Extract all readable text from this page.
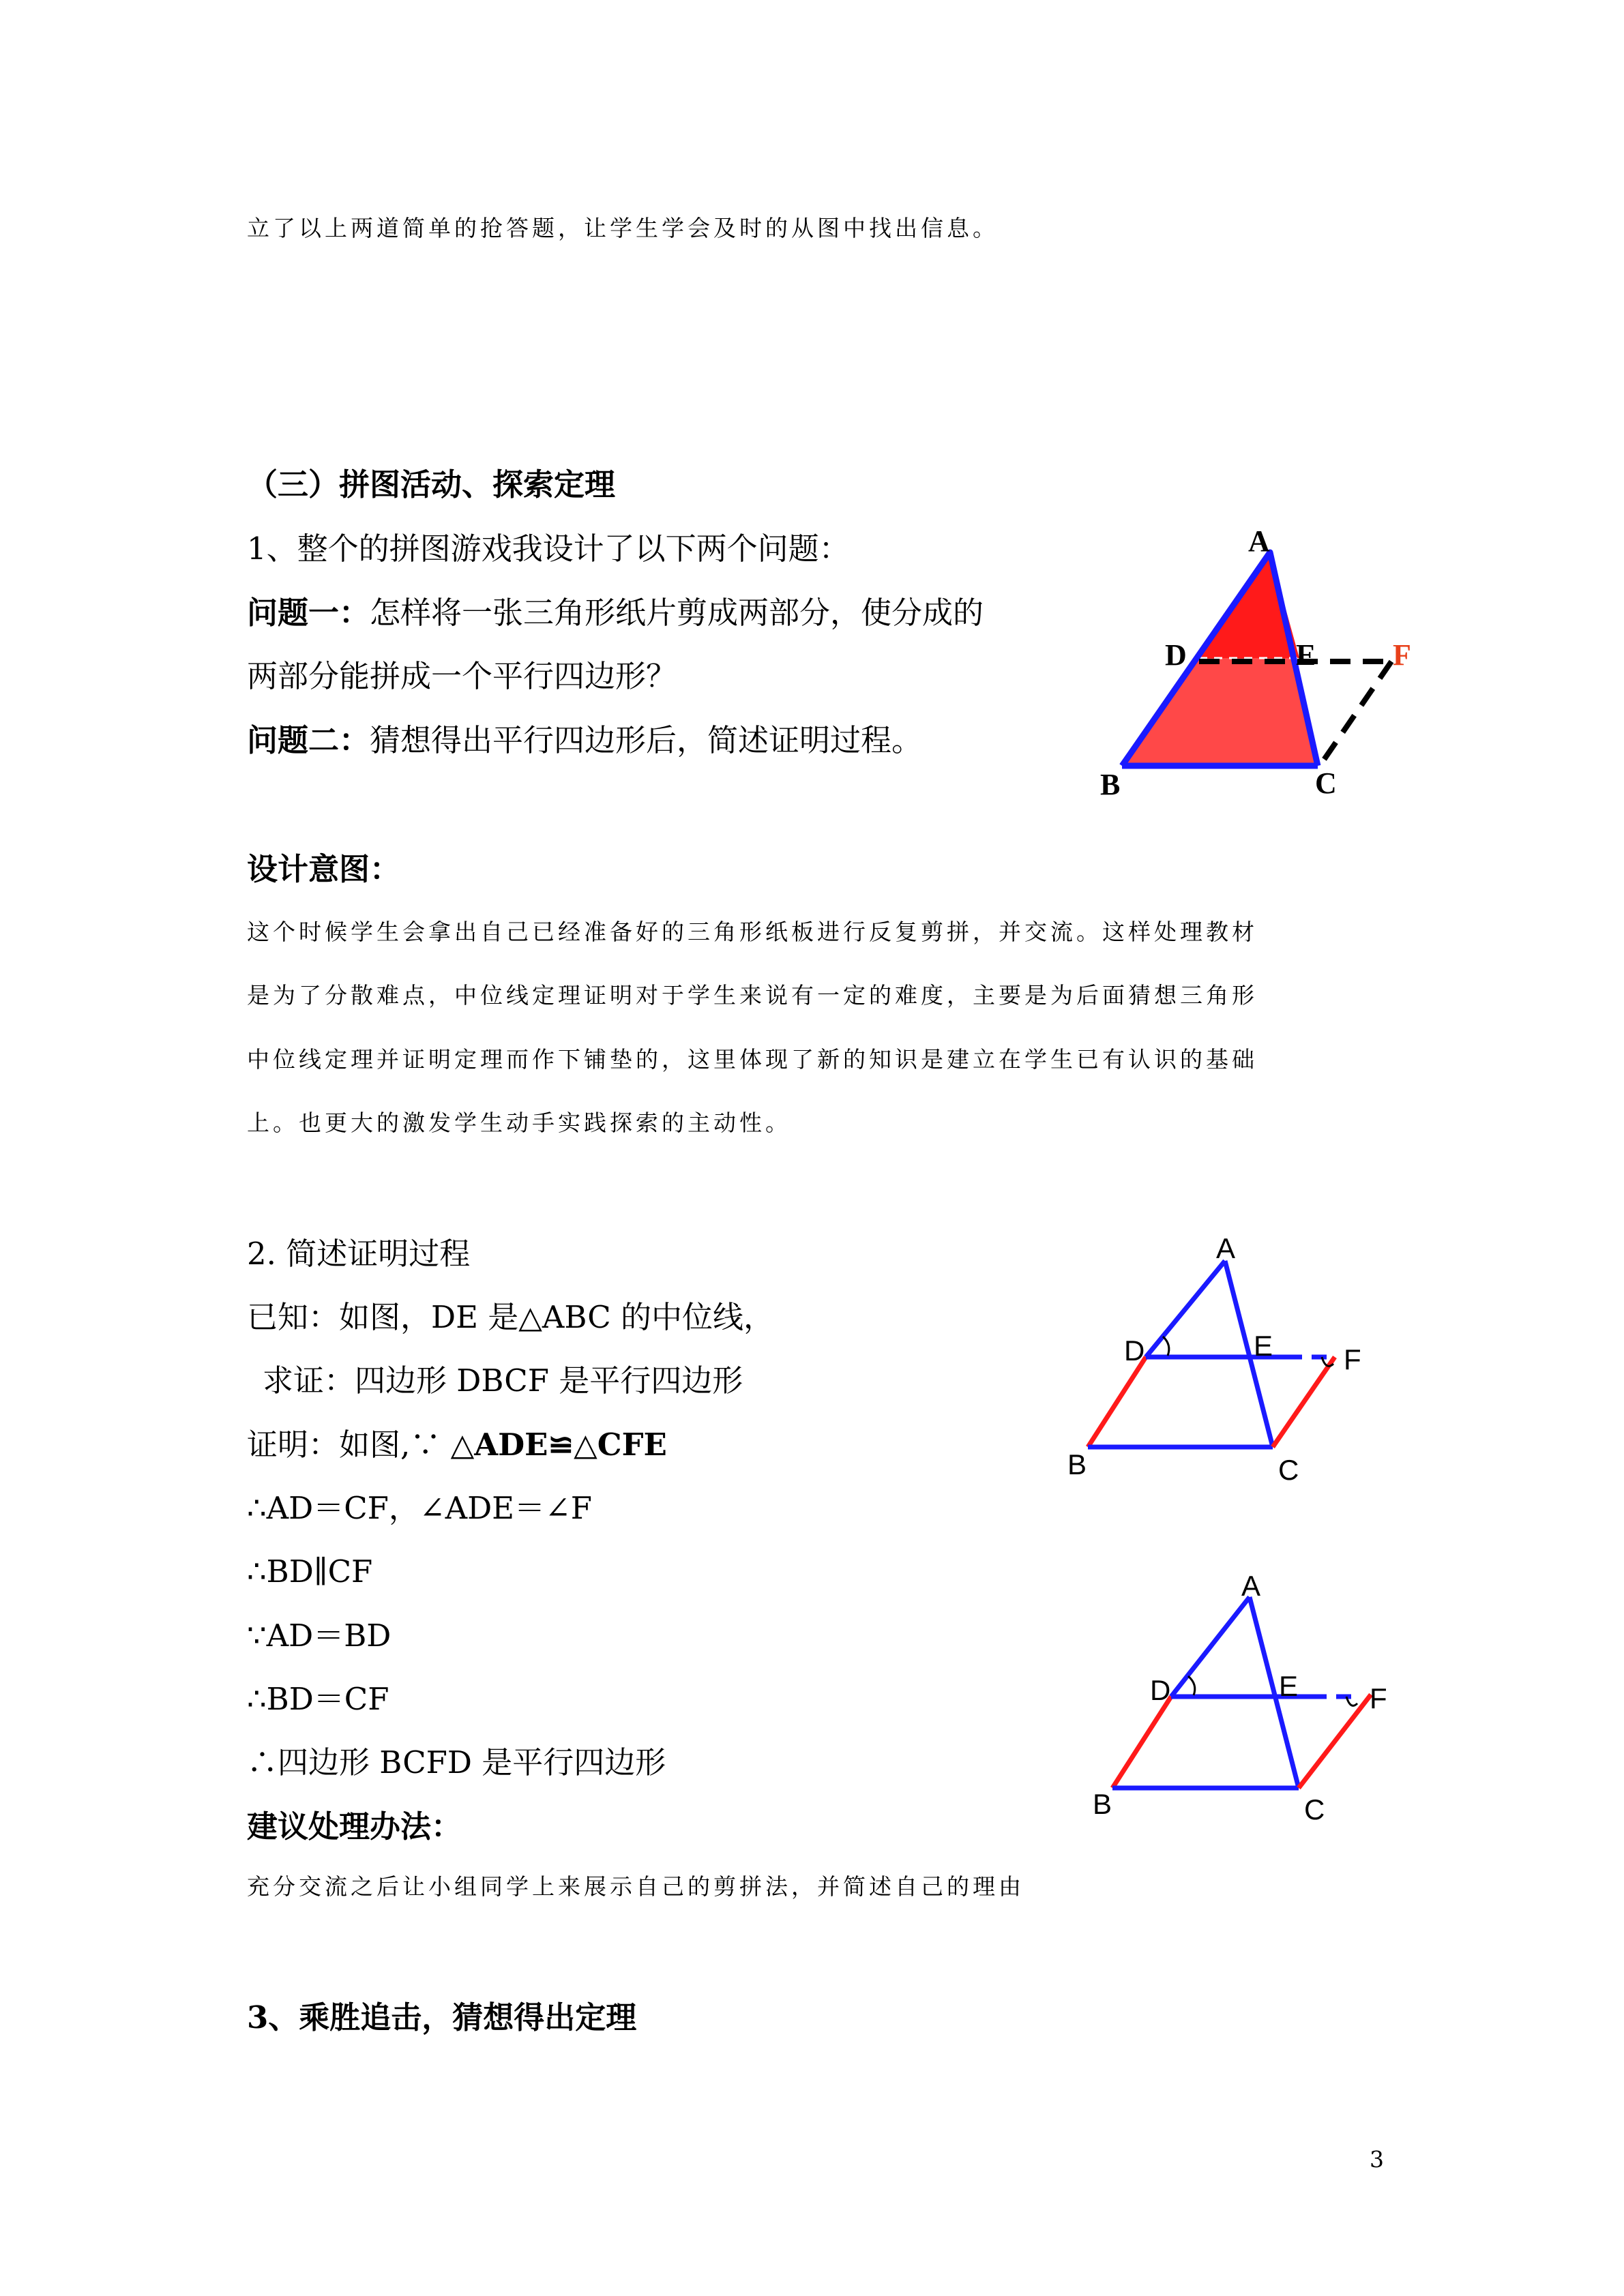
立了以上两道简单的抢答题，让学生学会及时的从图中找出信息。
（三）拼图活动、探索定理
1、整个的拼图游戏我设计了以下两个问题：
问题一：怎样将一张三角形纸片剪成两部分，使分成的
两部分能拼成一个平行四边形？
问题二：猜想得出平行四边形后，简述证明过程。
设计意图：
这个时候学生会拿出自己已经准备好的三角形纸板进行反复剪拼，并交流。这样处理教材
是为了分散难点，中位线定理证明对于学生来说有一定的难度，主要是为后面猜想三角形
中位线定理并证明定理而作下铺垫的，这里体现了新的知识是建立在学生已有认识的基础
上。也更大的激发学生动手实践探索的主动性。
2. 简述证明过程
已知：如图，DE 是△ABC 的中位线，
求证：四边形 DBCF 是平行四边形
证明：如图,∵ △ADE≌△CFE
∴AD＝CF，∠ADE＝∠F
∴BD∥CF
∵AD＝BD
∴BD＝CF
∴四边形 BCFD 是平行四边形
建议处理办法：
充分交流之后让小组同学上来展示自己的剪拼法，并简述自己的理由
3、乘胜追击，猜想得出定理
3
A
B	C
D	E	F
A
B	C
D	E F
A
B	C
D	E F
